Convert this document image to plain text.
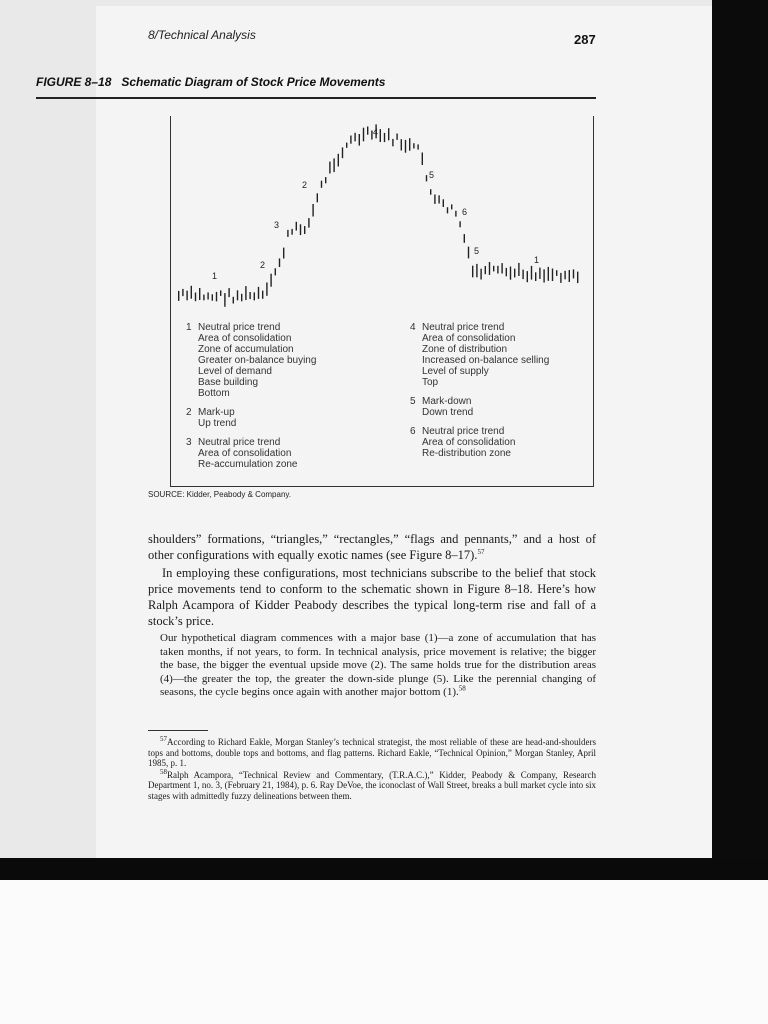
8/Technical Analysis	287
FIGURE 8–18 Schematic Diagram of Stock Price Movements
1
2
3
2
4
5
6
5
1
1 Neutral price trend
Area of consolidation
Zone of accumulation
Greater on-balance buying
Level of demand
Base building
Bottom
2 Mark-up
Up trend
3 Neutral price trend
Area of consolidation
Re-accumulation zone
4 Neutral price trend
Area of consolidation
Zone of distribution
Increased on-balance selling
Level of supply
Top
5 Mark-down
Down trend
6 Neutral price trend
Area of consolidation
Re-distribution zone
SOURCE: Kidder, Peabody & Company.

shoulders” formations, “triangles,” “rectangles,” “flags and pennants,” and a host of other configurations with equally exotic names (see Figure 8–17).$^{57}$

In employing these configurations, most technicians subscribe to the belief that stock price movements tend to conform to the schematic shown in Figure 8–18. Here’s how Ralph Acampora of Kidder Peabody describes the typical long-term rise and fall of a stock’s price.

Our hypothetical diagram commences with a major base (1)—a zone of accumulation that has taken months, if not years, to form. In technical analysis, price movement is relative; the bigger the base, the bigger the eventual upside move (2). The same holds true for the distribution areas (4)—the greater the top, the greater the down-side plunge (5). Like the perennial changing of seasons, the cycle begins once again with another major bottom (1).$^{58}$

$^{57}$According to Richard Eakle, Morgan Stanley’s technical strategist, the most reliable of these are head-and-shoulders tops and bottoms, double tops and bottoms, and flag patterns. Richard Eakle, “Technical Opinion,” Morgan Stanley, April 1985, p. 1.

$^{58}$Ralph Acampora, “Technical Review and Commentary, (T.R.A.C.),” Kidder, Peabody & Company, Research Department 1, no. 3, (February 21, 1984), p. 6. Ray DeVoe, the iconoclast of Wall Street, breaks a bull market cycle into six stages with admittedly fuzzy delineations between them.
